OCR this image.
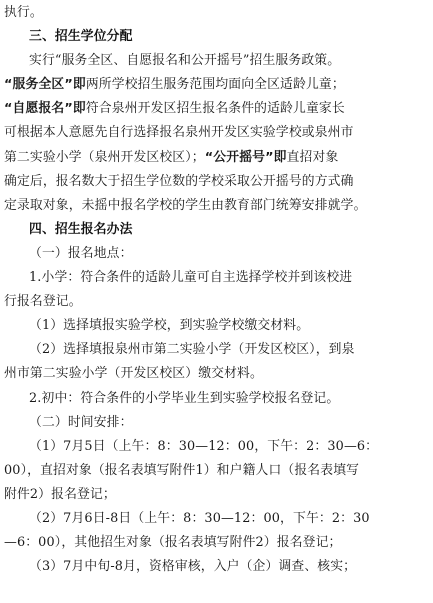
执行。
三、招生学位分配
实行“服务全区、自愿报名和公开摇号”招生服务政策。
“服务全区”即两所学校招生服务范围均面向全区适龄儿童；
“自愿报名”即符合泉州开发区招生报名条件的适龄儿童家长
可根据本人意愿先自行选择报名泉州开发区实验学校或泉州市
第二实验小学（泉州开发区校区）；“公开摇号”即直招对象
确定后，报名数大于招生学位数的学校采取公开摇号的方式确
定录取对象，未摇中报名学校的学生由教育部门统筹安排就学。
四、招生报名办法
（一）报名地点：
1.小学：符合条件的适龄儿童可自主选择学校并到该校进
行报名登记。
（1）选择填报实验学校，到实验学校缴交材料。
（2）选择填报泉州市第二实验小学（开发区校区），到泉
州市第二实验小学（开发区校区）缴交材料。
2.初中：符合条件的小学毕业生到实验学校报名登记。
（二）时间安排：
（1）7月5日（上午：8：30—12：00，下午：2：30—6：
00），直招对象（报名表填写附件1）和户籍人口（报名表填写
附件2）报名登记；
（2）7月6日-8日（上午：8：30—12：00，下午：2：30
—6：00），其他招生对象（报名表填写附件2）报名登记；
（3）7月中旬-8月，资格审核，入户（企）调查、核实；
